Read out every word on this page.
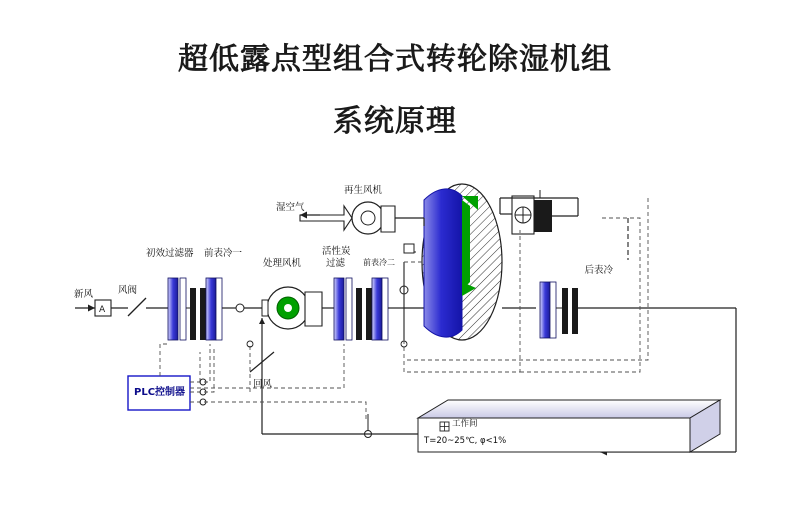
超低露点型组合式转轮除湿机组
系统原理
A
新风	风阀
初效过滤器 前表冷一
处理风机
活性炭
过滤 前表冷二
再生风机
湿空气
后表冷
回风
PLC控制器
工作间
T=20~25℃, φ<1%
